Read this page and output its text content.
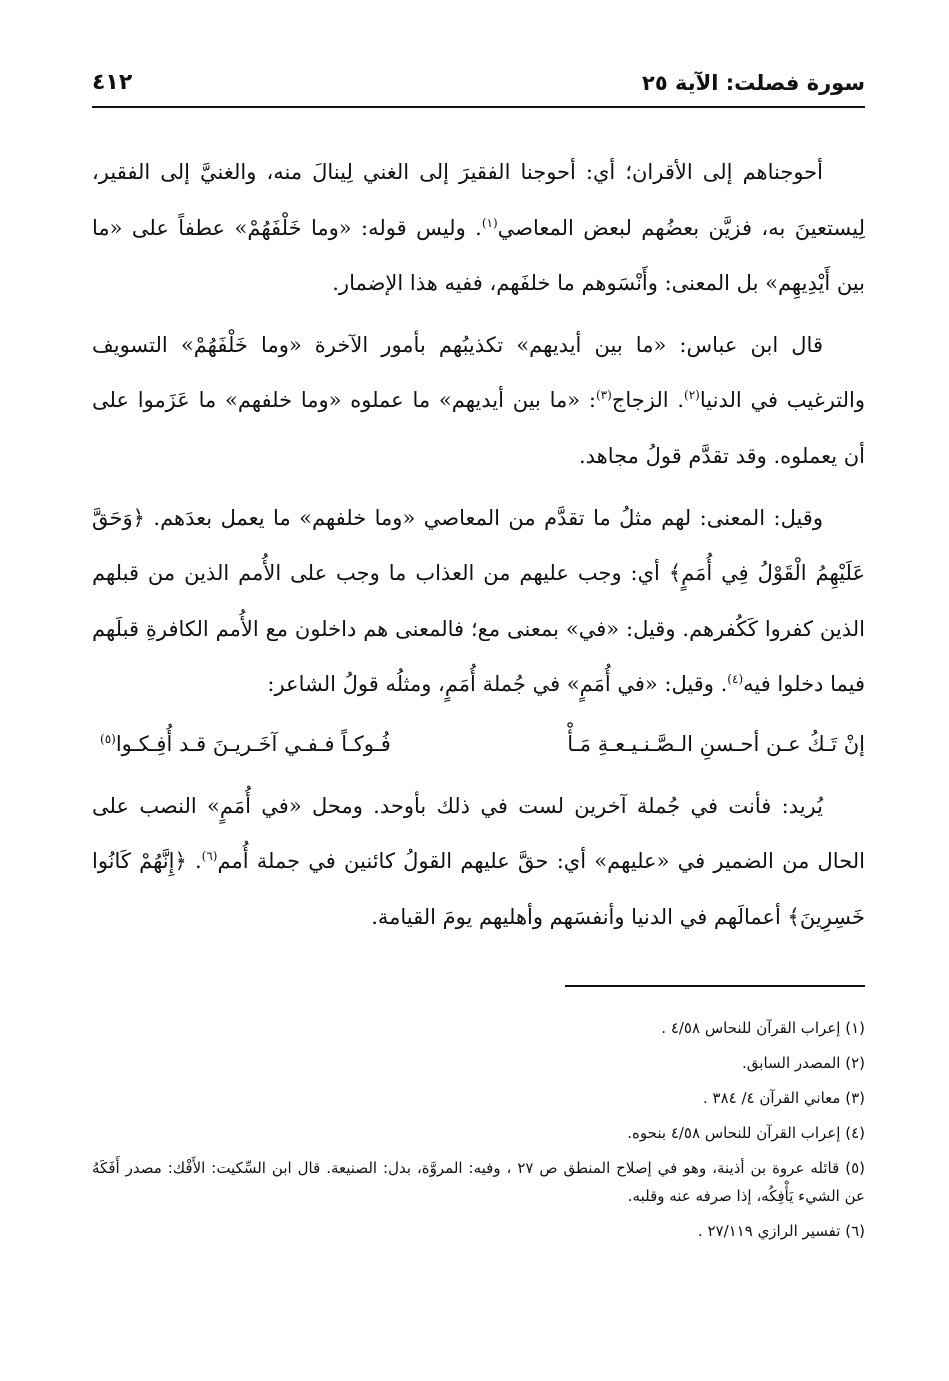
سورة فصلت: الآية ٢٥
٤١٢

أحوجناهم إلى الأقران؛ أي: أحوجنا الفقيرَ إلى الغني لِينالَ منه، والغنيَّ إلى الفقير، لِيستعينَ به، فزيَّن بعضُهم لبعض المعاصي$^{(١)}$. وليس قوله: «وما خَلْفَهُمْ» عطفاً على «ما بين أَيْدِيهِم» بل المعنى: وأَنْسَوهم ما خلفَهم، ففيه هذا الإضمار.

قال ابن عباس: «ما بين أيديهم» تكذيبُهم بأمور الآخرة «وما خَلْفَهُمْ» التسويف والترغيب في الدنيا$^{(٢)}$. الزجاج$^{(٣)}$: «ما بين أيديهم» ما عملوه «وما خلفهم» ما عَزَموا على أن يعملوه. وقد تقدَّم قولُ مجاهد.

وقيل: المعنى: لهم مثلُ ما تقدَّم من المعاصي «وما خلفهم» ما يعمل بعدَهم. ﴿وَحَقَّ عَلَيْهِمُ الْقَوْلُ فِي أُمَمٍ﴾ أي: وجب عليهم من العذاب ما وجب على الأُمم الذين من قبلهم الذين كفروا كَكُفرهم. وقيل: «في» بمعنى مع؛ فالمعنى هم داخلون مع الأُمم الكافرةِ قبلَهم فيما دخلوا فيه$^{(٤)}$. وقيل: «في أُمَمٍ» في جُملة أُمَمٍ، ومثلُه قولُ الشاعر:

إنْ تَـكُ عـن أحـسنِ الـصَّـنـيـعـةِ مَـأْ
فُـوكـاً فـفـي آخَـريـنَ قـد أُفِـكـوا$^{(٥)}$

يُريد: فأنت في جُملة آخرين لست في ذلك بأوحد. ومحل «في أُمَمٍ» النصب على الحال من الضمير في «عليهم» أي: حقَّ عليهم القولُ كائنين في جملة أُمم$^{(٦)}$. ﴿إِنَّهُمْ كَانُوا خَسِرِينَ﴾ أعمالَهم في الدنيا وأنفسَهم وأهليهم يومَ القيامة.

(١) إعراب القرآن للنحاس ٤/٥٨ .

(٢) المصدر السابق.

(٣) معاني القرآن ٤/ ٣٨٤ .

(٤) إعراب القرآن للنحاس ٤/٥٨ بنحوه.

(٥) قائله عروة بن أذينة، وهو في إصلاح المنطق ص ٢٧ ، وفيه: المروَّة، بدل: الصنيعة. قال ابن السِّكيت: الأَفْك: مصدر أَفَكَهُ عن الشيء يَأْفِكُه، إذا صرفه عنه وقلبه.

(٦) تفسير الرازي ٢٧/١١٩ .
